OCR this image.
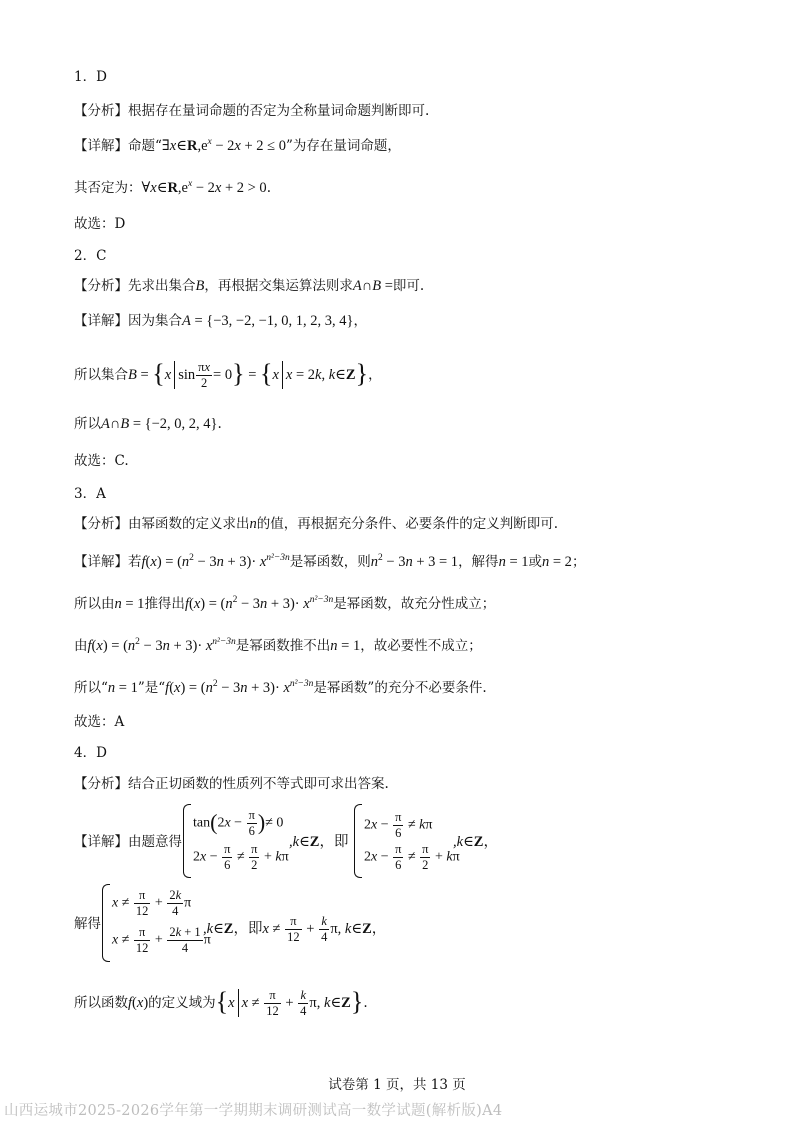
1．D
【分析】根据存在量词命题的否定为全称量词命题判断即可.
【详解】命题“$\exists x\in R,e^x - 2x + 2 \le 0$”为存在量词命题，
其否定为：$\forall x\in R,e^x - 2x + 2 > 0$.
故选：D
2．C
【分析】先求出集合B，再根据交集运算法则求A∩B =即可.
【详解】因为集合A = {−3, −2, −1, 0, 1, 2, 3, 4}，
所以集合B = {x $\sin \frac{\pi x}{2} = 0\} = \{x$ x = 2k, k∈Z}，
所以A∩B = {−2, 0, 2, 4}.
故选：C.
3．A
【分析】由幂函数的定义求出n的值，再根据充分条件、必要条件的定义判断即可.
【详解】若$f(x) = (n^2 - 3n + 3)\cdot x^{n^2-3n}$是幂函数，则$n^2 - 3n + 3 = 1$，解得n = 1或n = 2；
所以由n = 1推得出$f(x) = (n^2 - 3n + 3)\cdot x^{n^2-3n}$是幂函数，故充分性成立；
由$f(x) = (n^2 - 3n + 3)\cdot x^{n^2-3n}$是幂函数推不出n = 1，故必要性不成立；
所以“n = 1”是“$f(x) = (n^2 - 3n + 3)\cdot x^{n^2-3n}$是幂函数”的充分不必要条件.
故选：A
4．D
【分析】结合正切函数的性质列不等式即可求出答案.
【详解】由题意得
$\tan(2x - \frac{\pi}{6}$ )≠ 0
$2x - \frac{\pi}{6} \ne \frac{\pi}{2} + k\pi$
,k∈Z，即
$2x - \frac{\pi}{6} \ne k\pi$
$2x - \frac{\pi}{6} \ne \frac{\pi}{2} + k\pi$
,k∈Z，
解得
$x \ne \frac{\pi}{12} + \frac{2k}{4}$ π
$x \ne \frac{\pi}{12} + \frac{2k + 1}{4}$ π
,k∈Z，即$x \ne \frac{\pi}{12} + \frac{k}{4} \pi$, k∈Z，
所以函数f(x)的定义域为{x $x \ne \frac{\pi}{12} + \frac{k}{4} \pi$, k∈Z}.
试卷第 1 页，共 13 页
山西运城市2025-2026学年第一学期期末调研测试高一数学试题(解析版)A4
